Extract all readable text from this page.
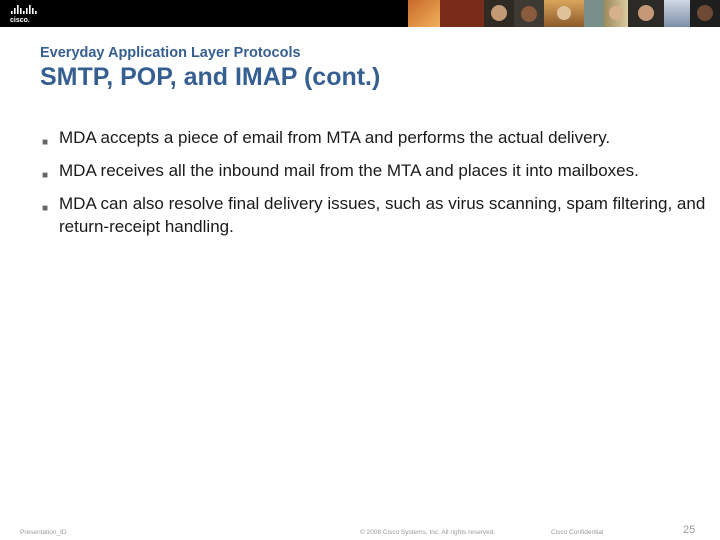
cisco.
Everyday Application Layer Protocols
SMTP, POP, and IMAP (cont.)
■ MDA accepts a piece of email from MTA and performs the actual delivery.
■ MDA receives all the inbound mail from the MTA and places it into mailboxes.
■ MDA can also resolve final delivery issues, such as virus scanning, spam filtering, and return-receipt handling.
Presentation_ID	© 2008 Cisco Systems, Inc. All rights reserved.	Cisco Confidential	25
